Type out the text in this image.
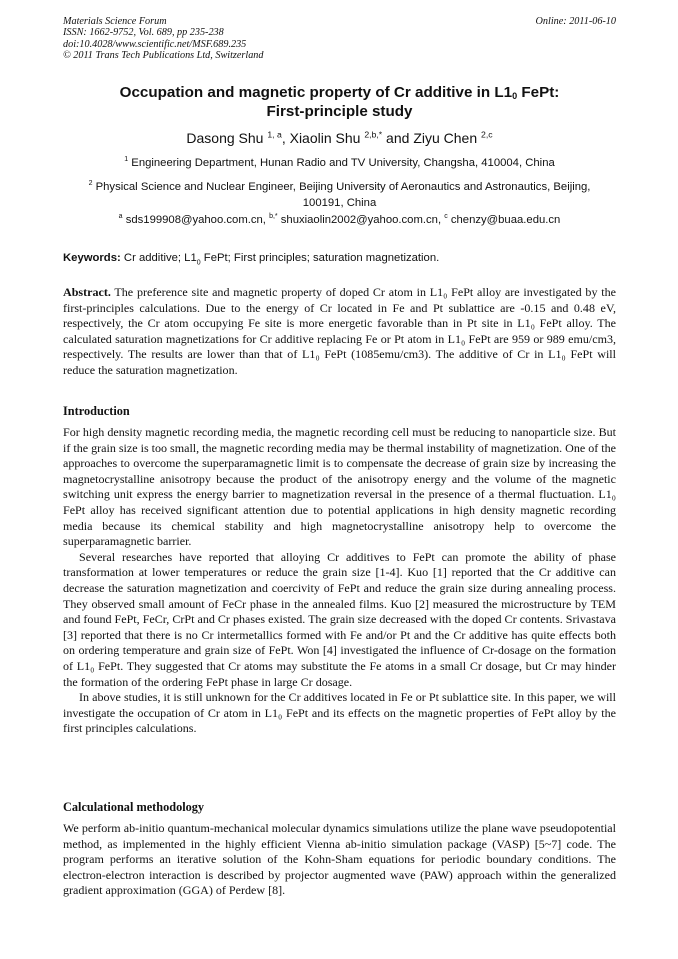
Materials Science Forum
ISSN: 1662-9752, Vol. 689, pp 235-238
doi:10.4028/www.scientific.net/MSF.689.235
© 2011 Trans Tech Publications Ltd, Switzerland
Online: 2011-06-10
Occupation and magnetic property of Cr additive in $L1_0$ FePt:
First-principle study
Dasong Shu $^{1, a}$, Xiaolin Shu $^{2,b,*}$ and Ziyu Chen $^{2,c}$
$^1$ Engineering Department, Hunan Radio and TV University, Changsha, 410004, China
$^2$ Physical Science and Nuclear Engineer, Beijing University of Aeronautics and Astronautics, Beijing, 100191, China
$^a$ sds199908@yahoo.com.cn, $^{b,*}$ shuxiaolin2002@yahoo.com.cn, $^c$ chenzy@buaa.edu.cn
Keywords: Cr additive; $L1_0$ FePt; First principles; saturation magnetization.

Abstract. The preference site and magnetic property of doped Cr atom in L1₀ FePt alloy are investigated by the first-principles calculations. Due to the energy of Cr located in Fe and Pt sublattice are -0.15 and 0.48 eV, respectively, the Cr atom occupying Fe site is more energetic favorable than in Pt site in L1₀ FePt alloy. The calculated saturation magnetizations for Cr additive replacing Fe or Pt atom in L1₀ FePt are 959 or 989 emu/cm3, respectively. The results are lower than that of L1₀ FePt (1085emu/cm3). The additive of Cr in L1₀ FePt will reduce the saturation magnetization.

Introduction

For high density magnetic recording media, the magnetic recording cell must be reducing to nanoparticle size. But if the grain size is too small, the magnetic recording media may be thermal instability of magnetization. One of the approaches to overcome the superparamagnetic limit is to compensate the decrease of grain size by increasing the magnetocrystalline anisotropy because the product of the anisotropy energy and the volume of the magnetic switching unit express the energy barrier to magnetization reversal in the presence of a thermal fluctuation. L1₀ FePt alloy has received significant attention due to potential applications in high density magnetic recording media because its chemical stability and high magnetocrystalline anisotropy help to overcome the superparamagnetic barrier.

Several researches have reported that alloying Cr additives to FePt can promote the ability of phase transformation at lower temperatures or reduce the grain size [1-4]. Kuo [1] reported that the Cr additive can decrease the saturation magnetization and coercivity of FePt and reduce the grain size during annealing process. They observed small amount of FeCr phase in the annealed films. Kuo [2] measured the microstructure by TEM and found FePt, FeCr, CrPt and Cr phases existed. The grain size decreased with the doped Cr contents. Srivastava [3] reported that there is no Cr intermetallics formed with Fe and/or Pt and the Cr additive has quite effects both on ordering temperature and grain size of FePt. Won [4] investigated the influence of Cr-dosage on the formation of L1₀ FePt. They suggested that Cr atoms may substitute the Fe atoms in a small Cr dosage, but Cr may hinder the formation of the ordering FePt phase in large Cr dosage.

In above studies, it is still unknown for the Cr additives located in Fe or Pt sublattice site. In this paper, we will investigate the occupation of Cr atom in L1₀ FePt and its effects on the magnetic properties of FePt alloy by the first principles calculations.

Calculational methodology

We perform ab-initio quantum-mechanical molecular dynamics simulations utilize the plane wave pseudopotential method, as implemented in the highly efficient Vienna ab-initio simulation package (VASP) [5~7] code. The program performs an iterative solution of the Kohn-Sham equations for periodic boundary conditions. The electron-electron interaction is described by projector augmented wave (PAW) approach within the generalized gradient approximation (GGA) of Perdew [8].
